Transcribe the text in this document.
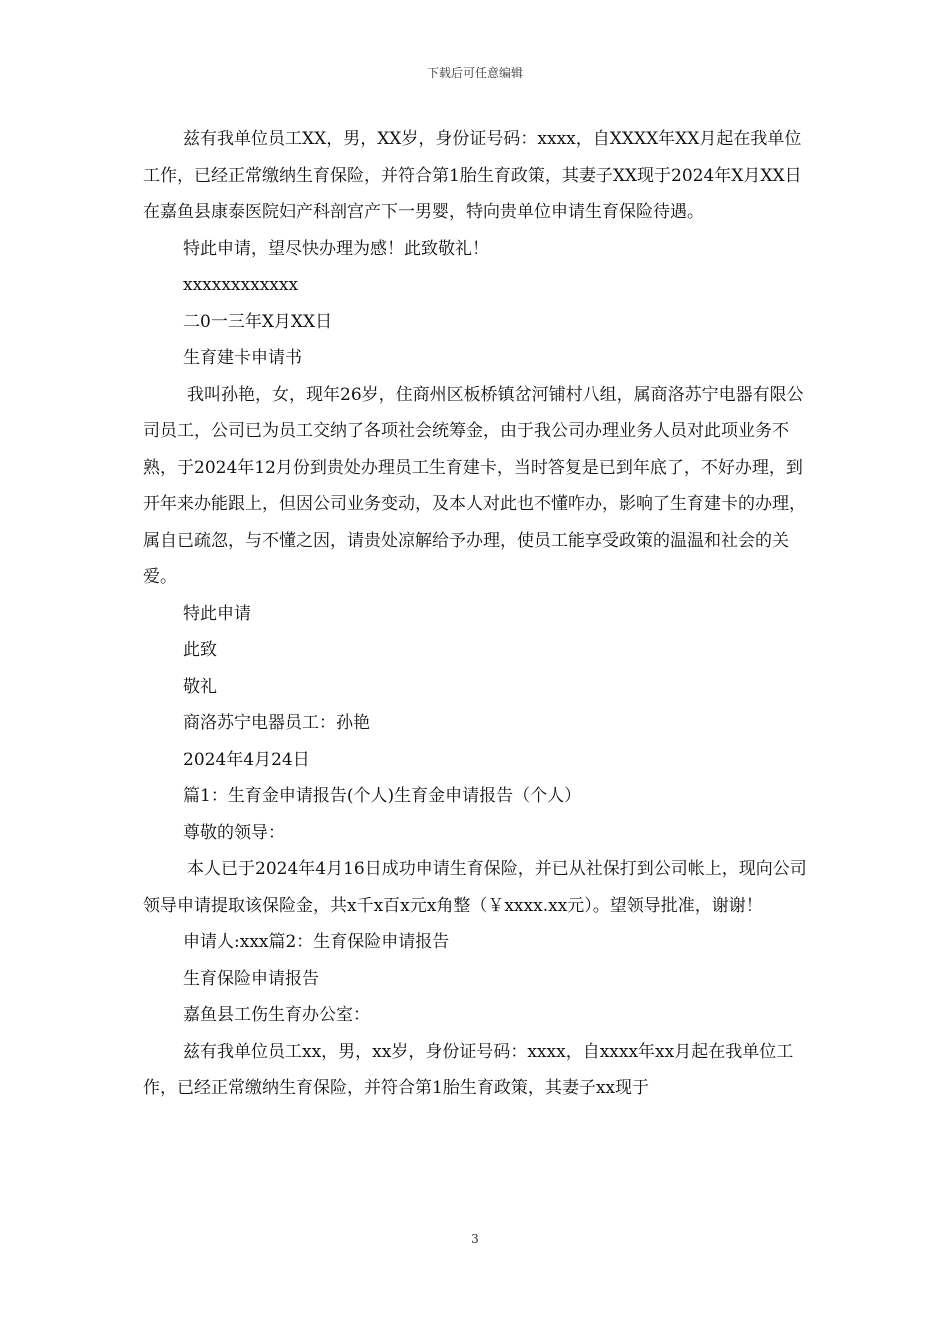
下载后可任意编辑

兹有我单位员工XX，男，XX岁，身份证号码：xxxx，自XXXX年XX月起在我单位工作，已经正常缴纳生育保险，并符合第1胎生育政策，其妻子XX现于2024年X月XX日在嘉鱼县康泰医院妇产科剖宫产下一男婴，特向贵单位申请生育保险待遇。

特此申请，望尽快办理为感！此致敬礼！

xxxxxxxxxxxx

二0一三年X月XX日

生育建卡申请书

我叫孙艳，女，现年26岁，住商州区板桥镇岔河铺村八组，属商洛苏宁电器有限公司员工，公司已为员工交纳了各项社会统筹金，由于我公司办理业务人员对此项业务不熟，于2024年12月份到贵处办理员工生育建卡，当时答复是已到年底了，不好办理，到开年来办能跟上，但因公司业务变动，及本人对此也不懂咋办，影响了生育建卡的办理，属自已疏忽，与不懂之因，请贵处凉解给予办理，使员工能享受政策的温温和社会的关爱。

特此申请

此致

敬礼

商洛苏宁电器员工：孙艳

2024年4月24日

篇1：生育金申请报告(个人)生育金申请报告（个人）

尊敬的领导：

本人已于2024年4月16日成功申请生育保险，并已从社保打到公司帐上，现向公司领导申请提取该保险金，共x千x百x元x角整（￥xxxx.xx元）。望领导批准，谢谢！

申请人:xxx篇2：生育保险申请报告

生育保险申请报告

嘉鱼县工伤生育办公室：

兹有我单位员工xx，男，xx岁，身份证号码：xxxx，自xxxx年xx月起在我单位工作，已经正常缴纳生育保险，并符合第1胎生育政策，其妻子xx现于

3
